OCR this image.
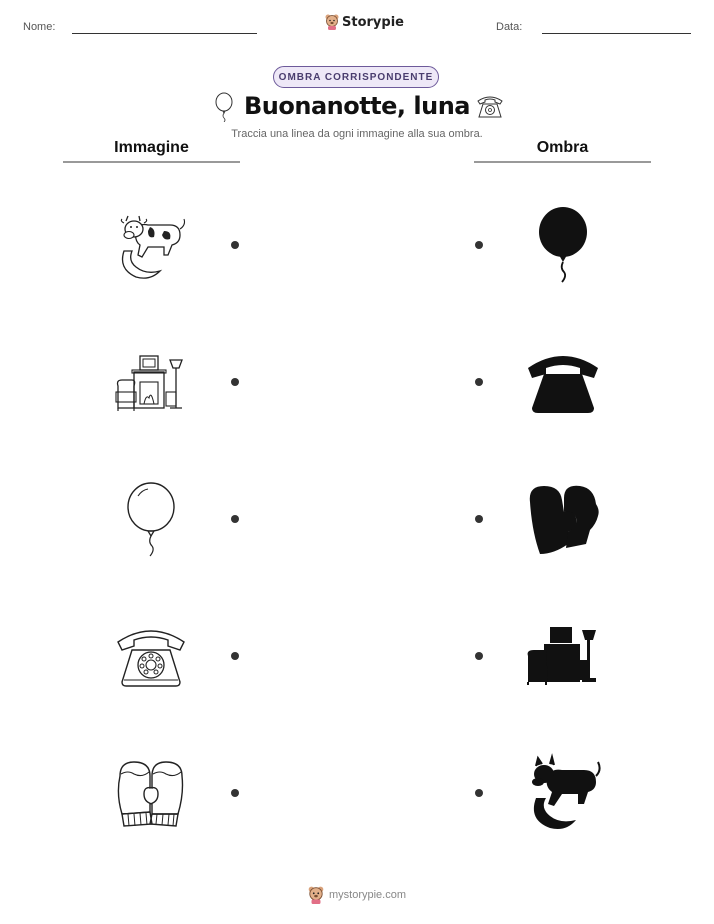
Nome:	Storypie	Data:
OMBRA CORRISPONDENTE
Buonanotte, luna
Traccia una linea da ogni immagine alla sua ombra.
Immagine	Ombra
mystorypie.com
